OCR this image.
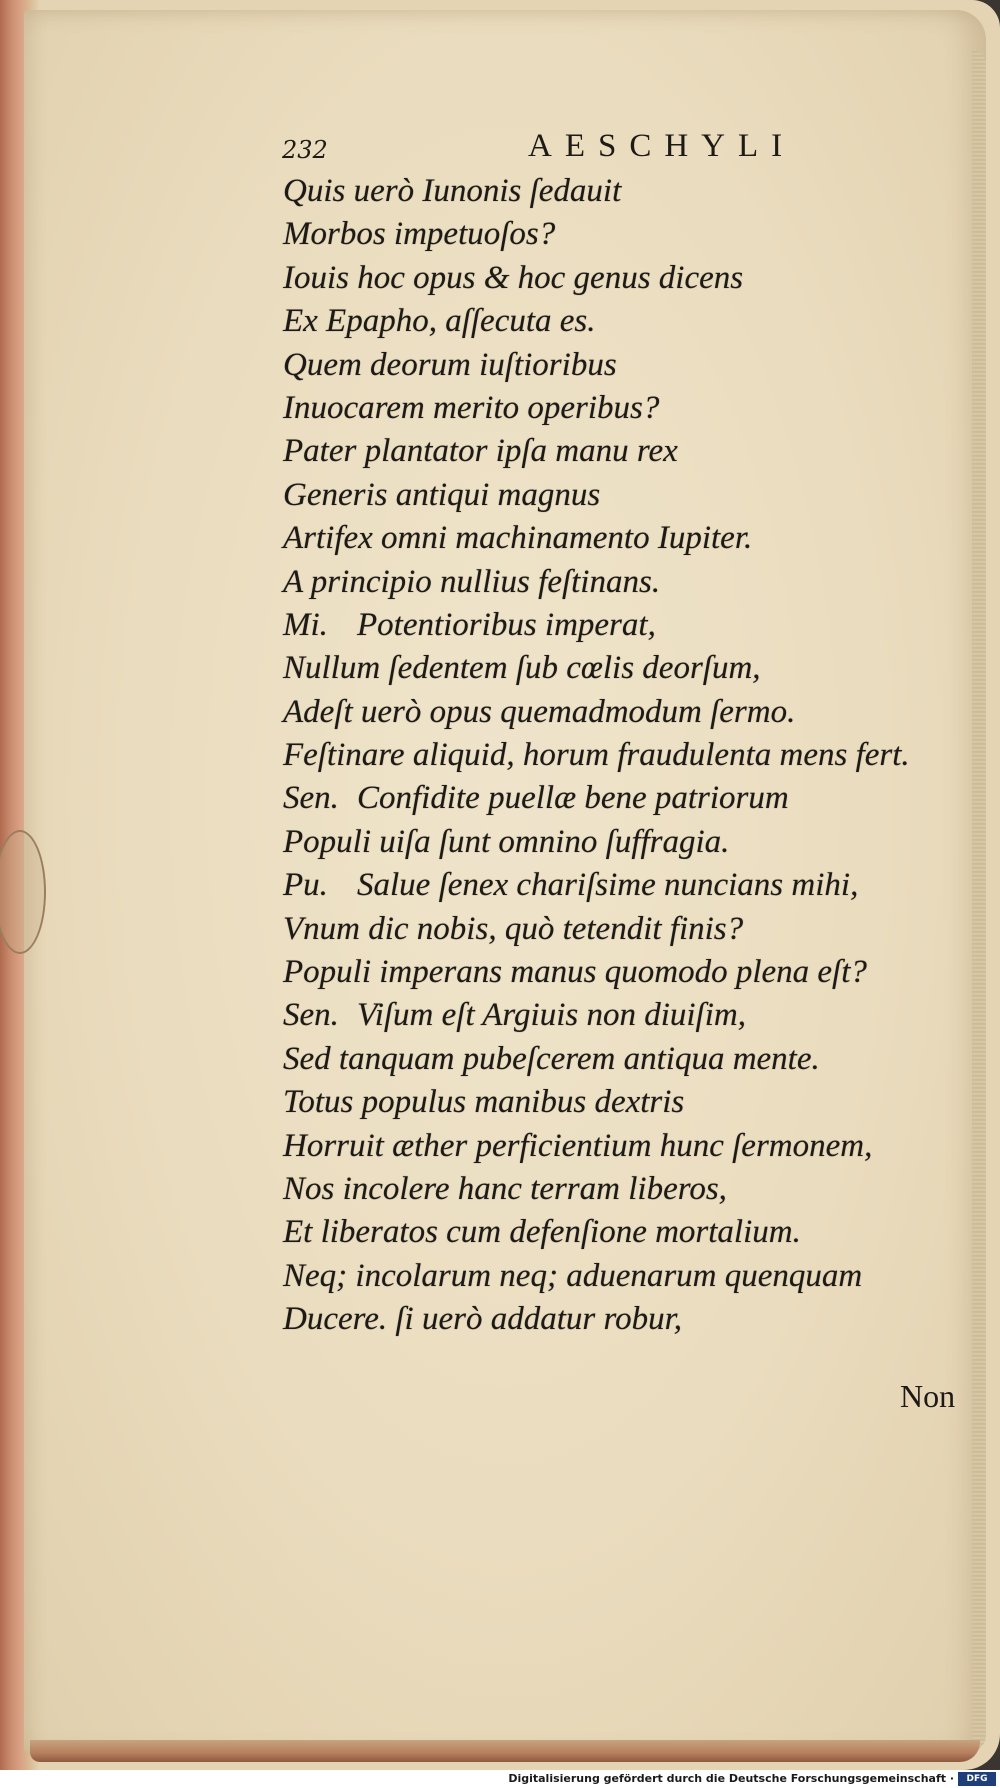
232	AESCHYLI
Quis uerò Iunonis ſedauit
Morbos impetuoſos?
Iouis hoc opus & hoc genus dicens
Ex Epapho, aſſecuta es.
Quem deorum iuſtioribus
Inuocarem merito operibus?
Pater plantator ipſa manu rex
Generis antiqui magnus
Artifex omni machinamento Iupiter.
A principio nullius feſtinans.
Mi. Potentioribus imperat,
Nullum ſedentem ſub cœlis deorſum,
Adeſt uerò opus quemadmodum ſermo.
Feſtinare aliquid, horum fraudulenta mens fert.
Sen. Confidite puellæ bene patriorum
Populi uiſa ſunt omnino ſuffragia.
Pu. Salue ſenex chariſsime nuncians mihi,
Vnum dic nobis, quò tetendit finis?
Populi imperans manus quomodo plena eſt?
Sen. Viſum eſt Argiuis non diuiſim,
Sed tanquam pubeſcerem antiqua mente.
Totus populus manibus dextris
Horruit æther perficientium hunc ſermonem,
Nos incolere hanc terram liberos,
Et liberatos cum defenſione mortalium.
Neq; incolarum neq; aduenarum quenquam
Ducere. ſi uerò addatur robur,
Non
Digitalisierung gefördert durch die Deutsche Forschungsgemeinschaft ·	DFG
